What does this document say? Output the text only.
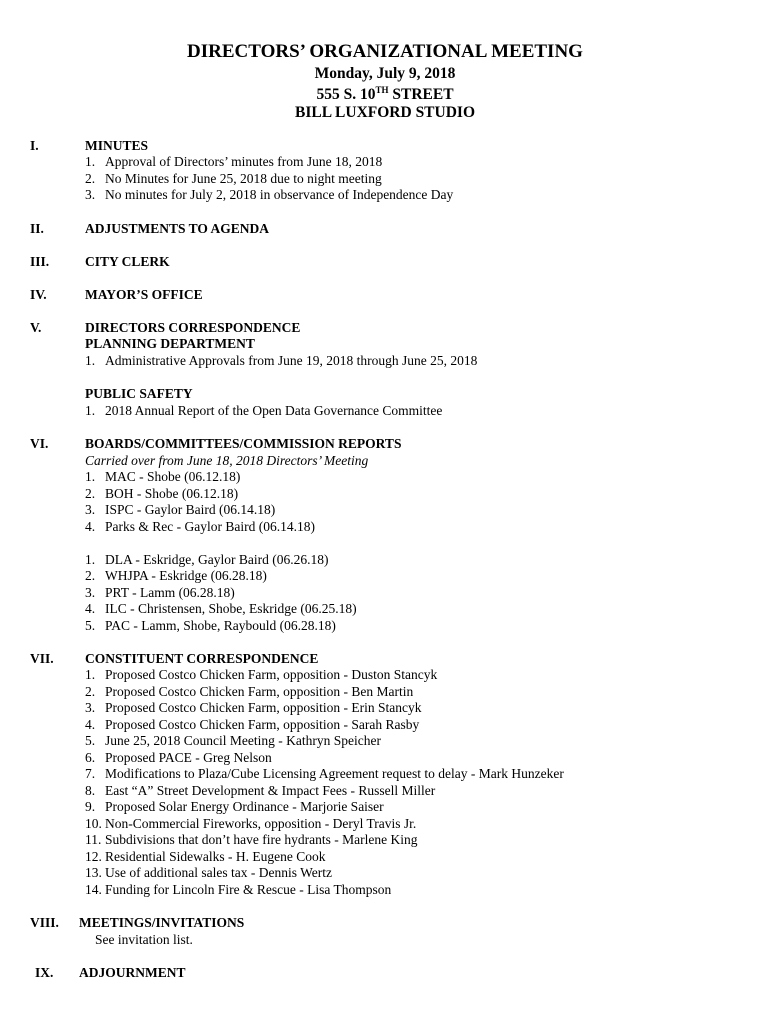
DIRECTORS’ ORGANIZATIONAL MEETING
Monday, July 9, 2018
555 S. 10TH STREET
BILL LUXFORD STUDIO
I.	MINUTES
1. Approval of Directors’ minutes from June 18, 2018
2. No Minutes for June 25, 2018 due to night meeting
3. No minutes for July 2, 2018 in observance of Independence Day
II.	ADJUSTMENTS TO AGENDA
III.	CITY CLERK
IV.	MAYOR’S OFFICE
V.	DIRECTORS CORRESPONDENCE
PLANNING DEPARTMENT
1. Administrative Approvals from June 19, 2018 through June 25, 2018
PUBLIC SAFETY
1. 2018 Annual Report of the Open Data Governance Committee
VI.	BOARDS/COMMITTEES/COMMISSION REPORTS
Carried over from June 18, 2018 Directors’ Meeting
1. MAC - Shobe (06.12.18)
2. BOH - Shobe (06.12.18)
3. ISPC - Gaylor Baird (06.14.18)
4. Parks & Rec - Gaylor Baird (06.14.18)
1. DLA - Eskridge, Gaylor Baird (06.26.18)
2. WHJPA - Eskridge (06.28.18)
3. PRT - Lamm (06.28.18)
4. ILC - Christensen, Shobe, Eskridge (06.25.18)
5. PAC - Lamm, Shobe, Raybould (06.28.18)
VII. CONSTITUENT CORRESPONDENCE
1. Proposed Costco Chicken Farm, opposition - Duston Stancyk
2. Proposed Costco Chicken Farm, opposition - Ben Martin
3. Proposed Costco Chicken Farm, opposition - Erin Stancyk
4. Proposed Costco Chicken Farm, opposition - Sarah Rasby
5. June 25, 2018 Council Meeting - Kathryn Speicher
6. Proposed PACE - Greg Nelson
7. Modifications to Plaza/Cube Licensing Agreement request to delay - Mark Hunzeker
8. East “A” Street Development & Impact Fees - Russell Miller
9. Proposed Solar Energy Ordinance - Marjorie Saiser
10. Non-Commercial Fireworks, opposition - Deryl Travis Jr.
11. Subdivisions that don’t have fire hydrants - Marlene King
12. Residential Sidewalks - H. Eugene Cook
13. Use of additional sales tax - Dennis Wertz
14. Funding for Lincoln Fire & Rescue - Lisa Thompson
VIII. MEETINGS/INVITATIONS
See invitation list.
IX. ADJOURNMENT
